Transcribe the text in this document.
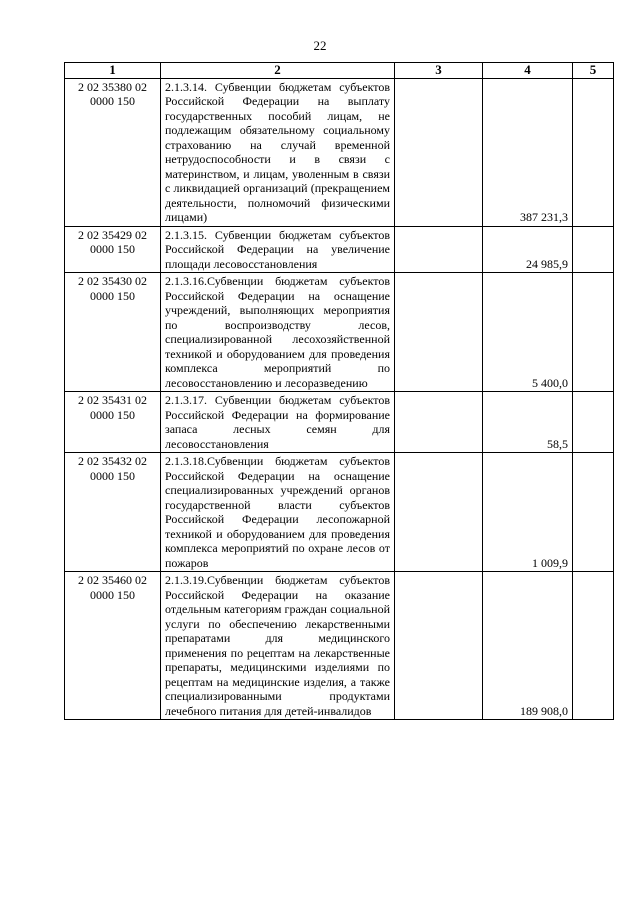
22
1	2	3	4	5
2 02 35380 02 0000 150	2.1.3.14. Субвенции бюджетам субъектов Российской Федерации на выплату государственных пособий лицам, не подлежащим обязательному социальному страхованию на случай временной нетрудоспособности и в связи с материнством, и лицам, уволенным в связи с ликвидацией организаций (прекращением деятельности, полномочий физическими лицами)		387 231,3	
2 02 35429 02 0000 150	2.1.3.15. Субвенции бюджетам субъектов Российской Федерации на увеличение площади лесовосстановления		24 985,9	
2 02 35430 02 0000 150	2.1.3.16.Субвенции бюджетам субъектов Российской Федерации на оснащение учреждений, выполняющих мероприятия по воспроизводству лесов, специализированной лесохозяйственной техникой и оборудованием для проведения комплекса мероприятий по лесовосстановлению и лесоразведению		5 400,0	
2 02 35431 02 0000 150	2.1.3.17. Субвенции бюджетам субъектов Российской Федерации на формирование запаса лесных семян для лесовосстановления		58,5	
2 02 35432 02 0000 150	2.1.3.18.Субвенции бюджетам субъектов Российской Федерации на оснащение специализированных учреждений органов государственной власти субъектов Российской Федерации лесопожарной техникой и оборудованием для проведения комплекса мероприятий по охране лесов от пожаров		1 009,9	
2 02 35460 02 0000 150	2.1.3.19.Субвенции бюджетам субъектов Российской Федерации на оказание отдельным категориям граждан социальной услуги по обеспечению лекарственными препаратами для медицинского применения по рецептам на лекарственные препараты, медицинскими изделиями по рецептам на медицинские изделия, а также специализированными продуктами лечебного питания для детей-инвалидов		189 908,0	
